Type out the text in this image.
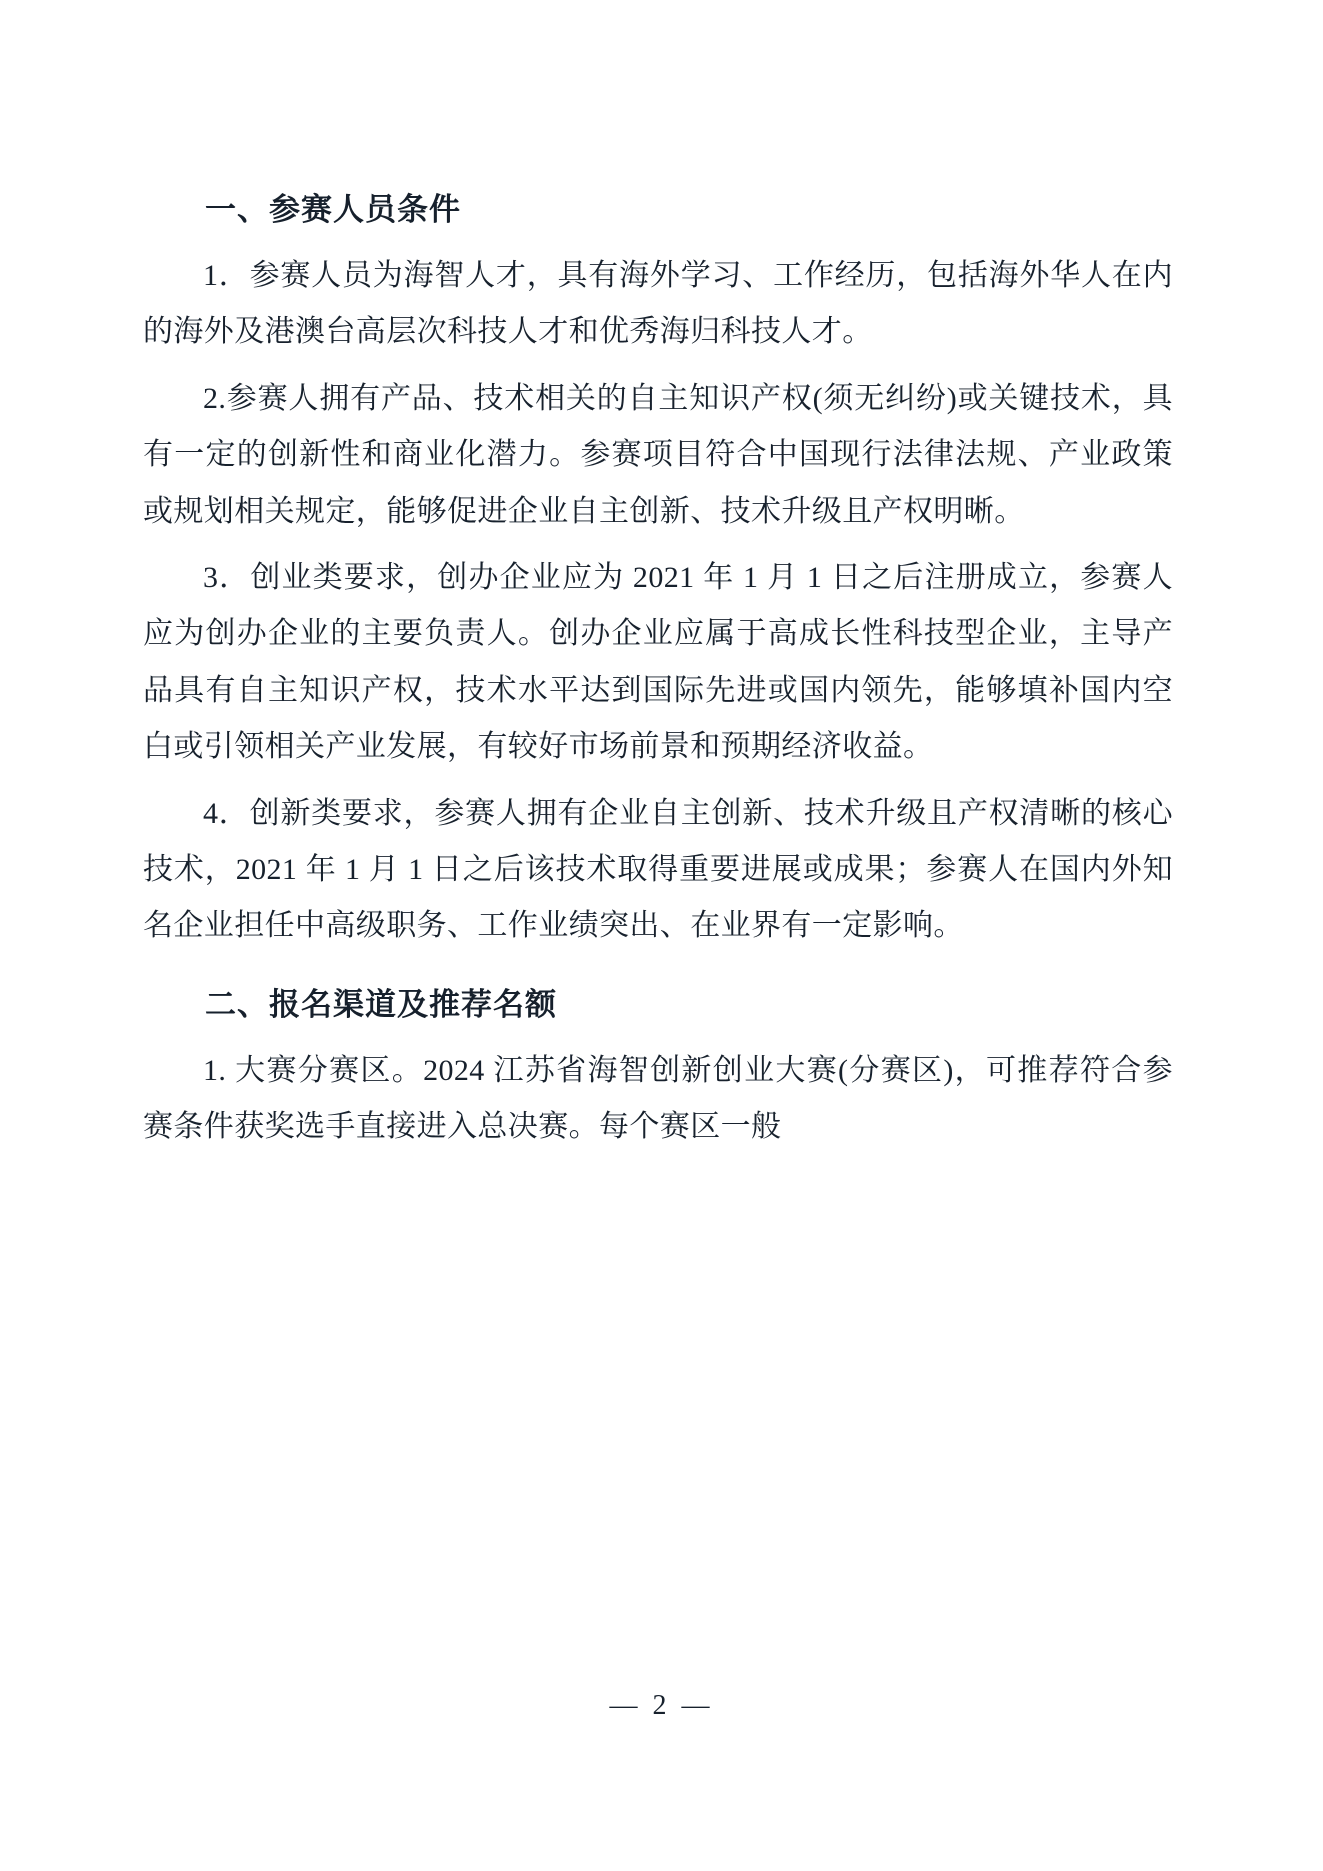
一、参赛人员条件

1．参赛人员为海智人才，具有海外学习、工作经历，包括海外华人在内的海外及港澳台高层次科技人才和优秀海归科技人才。

2.参赛人拥有产品、技术相关的自主知识产权(须无纠纷)或关键技术，具有一定的创新性和商业化潜力。参赛项目符合中国现行法律法规、产业政策或规划相关规定，能够促进企业自主创新、技术升级且产权明晰。

3．创业类要求，创办企业应为 2021 年 1 月 1 日之后注册成立，参赛人应为创办企业的主要负责人。创办企业应属于高成长性科技型企业，主导产品具有自主知识产权，技术水平达到国际先进或国内领先，能够填补国内空白或引领相关产业发展，有较好市场前景和预期经济收益。

4．创新类要求，参赛人拥有企业自主创新、技术升级且产权清晰的核心技术，2021 年 1 月 1 日之后该技术取得重要进展或成果；参赛人在国内外知名企业担任中高级职务、工作业绩突出、在业界有一定影响。

二、报名渠道及推荐名额

1. 大赛分赛区。2024 江苏省海智创新创业大赛(分赛区)，可推荐符合参赛条件获奖选手直接进入总决赛。每个赛区一般

— 2 —
